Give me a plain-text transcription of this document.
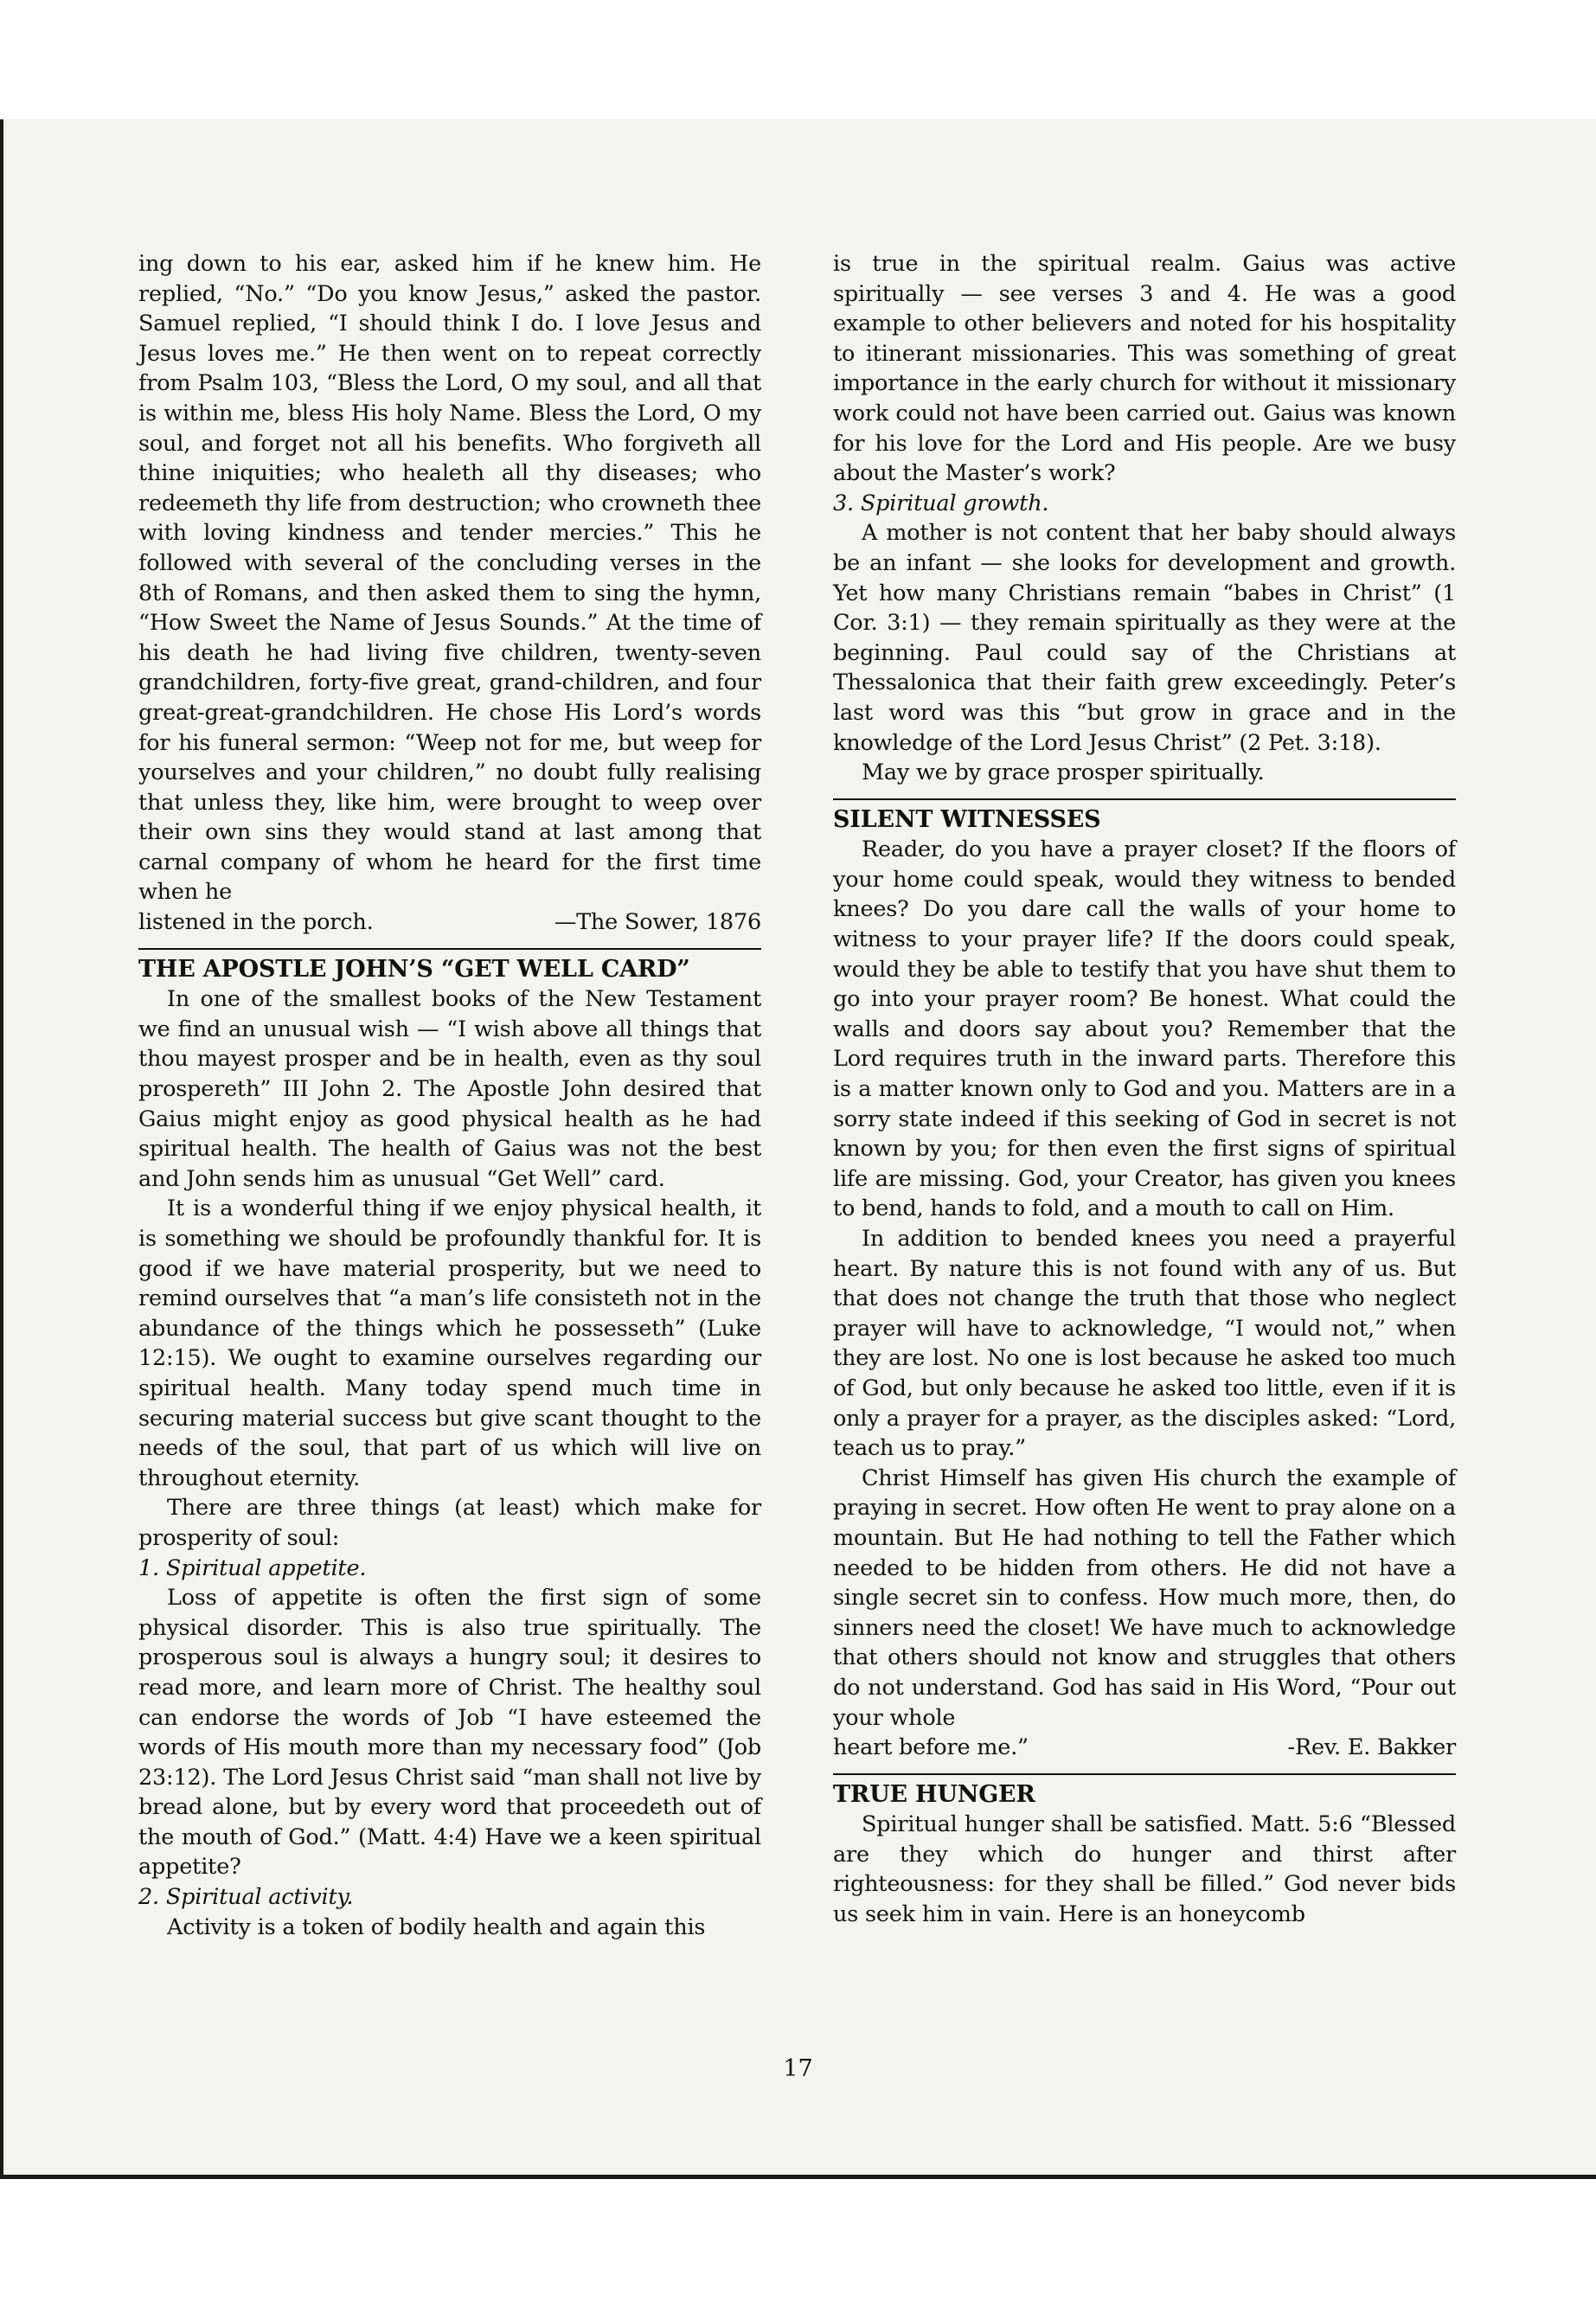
ing down to his ear, asked him if he knew him. He replied, “No.” “Do you know Jesus,” asked the pastor. Samuel replied, “I should think I do. I love Jesus and Jesus loves me.” He then went on to repeat correctly from Psalm 103, “Bless the Lord, O my soul, and all that is within me, bless His holy Name. Bless the Lord, O my soul, and forget not all his benefits. Who forgiveth all thine iniquities; who healeth all thy diseases; who redeemeth thy life from destruction; who crowneth thee with loving kindness and tender mercies.” This he followed with several of the concluding verses in the 8th of Romans, and then asked them to sing the hymn, “How Sweet the Name of Jesus Sounds.” At the time of his death he had living five children, twenty-seven grandchildren, forty-five great, grand-children, and four great-great-grandchildren. He chose His Lord’s words for his funeral sermon: “Weep not for me, but weep for yourselves and your children,” no doubt fully realising that unless they, like him, were brought to weep over their own sins they would stand at last among that carnal company of whom he heard for the first time when he

listened in the porch.	—The Sower, 1876

THE APOSTLE JOHN’S “GET WELL CARD”

In one of the smallest books of the New Testament we find an unusual wish — “I wish above all things that thou mayest prosper and be in health, even as thy soul prospereth” III John 2. The Apostle John desired that Gaius might enjoy as good physical health as he had spiritual health. The health of Gaius was not the best and John sends him as unusual “Get Well” card.

It is a wonderful thing if we enjoy physical health, it is something we should be profoundly thankful for. It is good if we have material prosperity, but we need to remind ourselves that “a man’s life consisteth not in the abundance of the things which he possesseth” (Luke 12:15). We ought to examine ourselves regarding our spiritual health. Many today spend much time in securing material success but give scant thought to the needs of the soul, that part of us which will live on throughout eternity.

There are three things (at least) which make for prosperity of soul:

1. Spiritual appetite.

Loss of appetite is often the first sign of some physical disorder. This is also true spiritually. The prosperous soul is always a hungry soul; it desires to read more, and learn more of Christ. The healthy soul can endorse the words of Job “I have esteemed the words of His mouth more than my necessary food” (Job 23:12). The Lord Jesus Christ said “man shall not live by bread alone, but by every word that proceedeth out of the mouth of God.” (Matt. 4:4) Have we a keen spiritual appetite?

2. Spiritual activity.

Activity is a token of bodily health and again this

is true in the spiritual realm. Gaius was active spiritually — see verses 3 and 4. He was a good example to other believers and noted for his hospitality to itinerant missionaries. This was something of great importance in the early church for without it missionary work could not have been carried out. Gaius was known for his love for the Lord and His people. Are we busy about the Master’s work?

3. Spiritual growth.

A mother is not content that her baby should always be an infant — she looks for development and growth. Yet how many Christians remain “babes in Christ” (1 Cor. 3:1) — they remain spiritually as they were at the beginning. Paul could say of the Christians at Thessalonica that their faith grew exceedingly. Peter’s last word was this “but grow in grace and in the knowledge of the Lord Jesus Christ” (2 Pet. 3:18).

May we by grace prosper spiritually.

SILENT WITNESSES

Reader, do you have a prayer closet? If the floors of your home could speak, would they witness to bended knees? Do you dare call the walls of your home to witness to your prayer life? If the doors could speak, would they be able to testify that you have shut them to go into your prayer room? Be honest. What could the walls and doors say about you? Remember that the Lord requires truth in the inward parts. Therefore this is a matter known only to God and you. Matters are in a sorry state indeed if this seeking of God in secret is not known by you; for then even the first signs of spiritual life are missing. God, your Creator, has given you knees to bend, hands to fold, and a mouth to call on Him.

In addition to bended knees you need a prayerful heart. By nature this is not found with any of us. But that does not change the truth that those who neglect prayer will have to acknowledge, “I would not,” when they are lost. No one is lost because he asked too much of God, but only because he asked too little, even if it is only a prayer for a prayer, as the disciples asked: “Lord, teach us to pray.”

Christ Himself has given His church the example of praying in secret. How often He went to pray alone on a mountain. But He had nothing to tell the Father which needed to be hidden from others. He did not have a single secret sin to confess. How much more, then, do sinners need the closet! We have much to acknowledge that others should not know and struggles that others do not understand. God has said in His Word, “Pour out your whole

heart before me.”	-Rev. E. Bakker

TRUE HUNGER

Spiritual hunger shall be satisfied. Matt. 5:6 “Blessed are they which do hunger and thirst after righteousness: for they shall be filled.” God never bids us seek him in vain. Here is an honeycomb

17
